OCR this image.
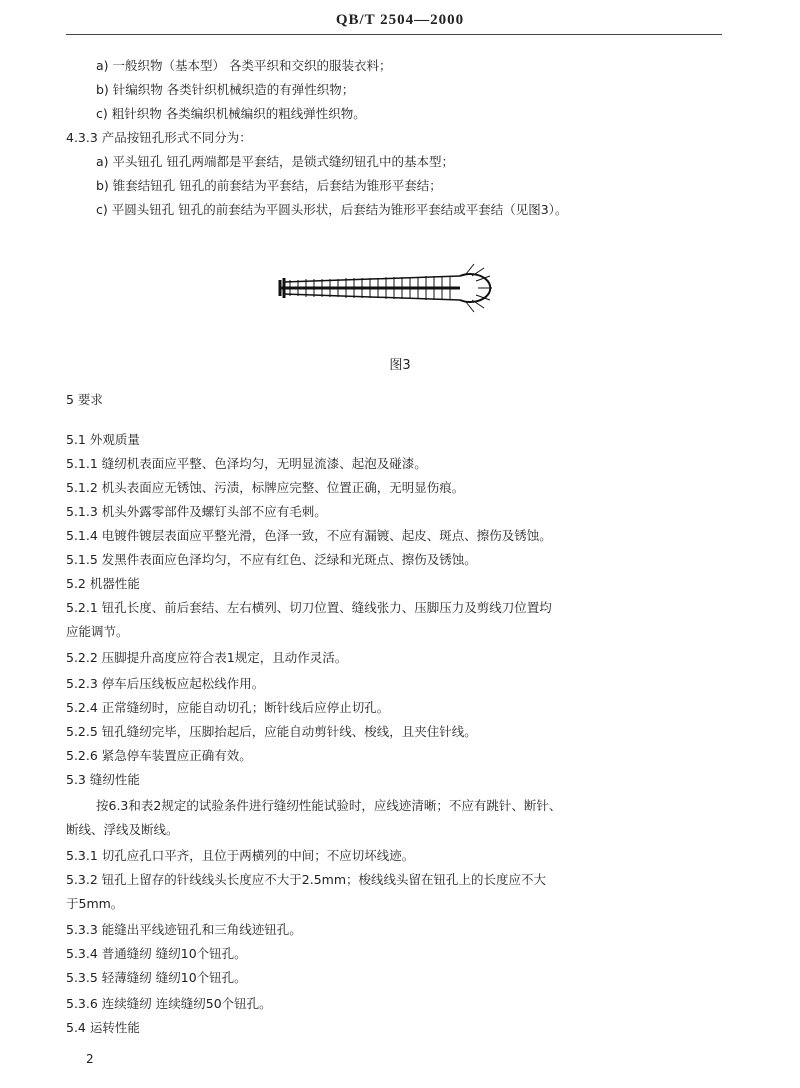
QB/T 2504—2000
a) 一般织物（基本型） 各类平织和交织的服装衣料；
b) 针编织物 各类针织机械织造的有弹性织物；
c) 粗针织物 各类编织机械编织的粗线弹性织物。
4.3.3 产品按钮孔形式不同分为：
a) 平头钮孔 钮孔两端都是平套结，是锁式缝纫钮孔中的基本型；
b) 锥套结钮孔 钮孔的前套结为平套结，后套结为锥形平套结；
c) 平圆头钮孔 钮孔的前套结为平圆头形状，后套结为锥形平套结或平套结（见图3）。
图3
5 要求
5.1 外观质量
5.1.1 缝纫机表面应平整、色泽均匀，无明显流漆、起泡及碰漆。
5.1.2 机头表面应无锈蚀、污渍，标牌应完整、位置正确，无明显伤痕。
5.1.3 机头外露零部件及螺钉头部不应有毛刺。
5.1.4 电镀件镀层表面应平整光滑，色泽一致，不应有漏镀、起皮、斑点、擦伤及锈蚀。
5.1.5 发黑件表面应色泽均匀，不应有红色、泛绿和光斑点、擦伤及锈蚀。
5.2 机器性能
5.2.1 钮孔长度、前后套结、左右横列、切刀位置、缝线张力、压脚压力及剪线刀位置均
应能调节。
5.2.2 压脚提升高度应符合表1规定，且动作灵活。
5.2.3 停车后压线板应起松线作用。
5.2.4 正常缝纫时，应能自动切孔；断针线后应停止切孔。
5.2.5 钮孔缝纫完毕，压脚抬起后，应能自动剪针线、梭线，且夹住针线。
5.2.6 紧急停车装置应正确有效。
5.3 缝纫性能
按6.3和表2规定的试验条件进行缝纫性能试验时，应线迹清晰；不应有跳针、断针、
断线、浮线及断线。
5.3.1 切孔应孔口平齐，且位于两横列的中间；不应切坏线迹。
5.3.2 钮孔上留存的针线线头长度应不大于2.5mm；梭线线头留在钮孔上的长度应不大
于5mm。
5.3.3 能缝出平线迹钮孔和三角线迹钮孔。
5.3.4 普通缝纫 缝纫10个钮孔。
5.3.5 轻薄缝纫 缝纫10个钮孔。
5.3.6 连续缝纫 连续缝纫50个钮孔。
5.4 运转性能
2
